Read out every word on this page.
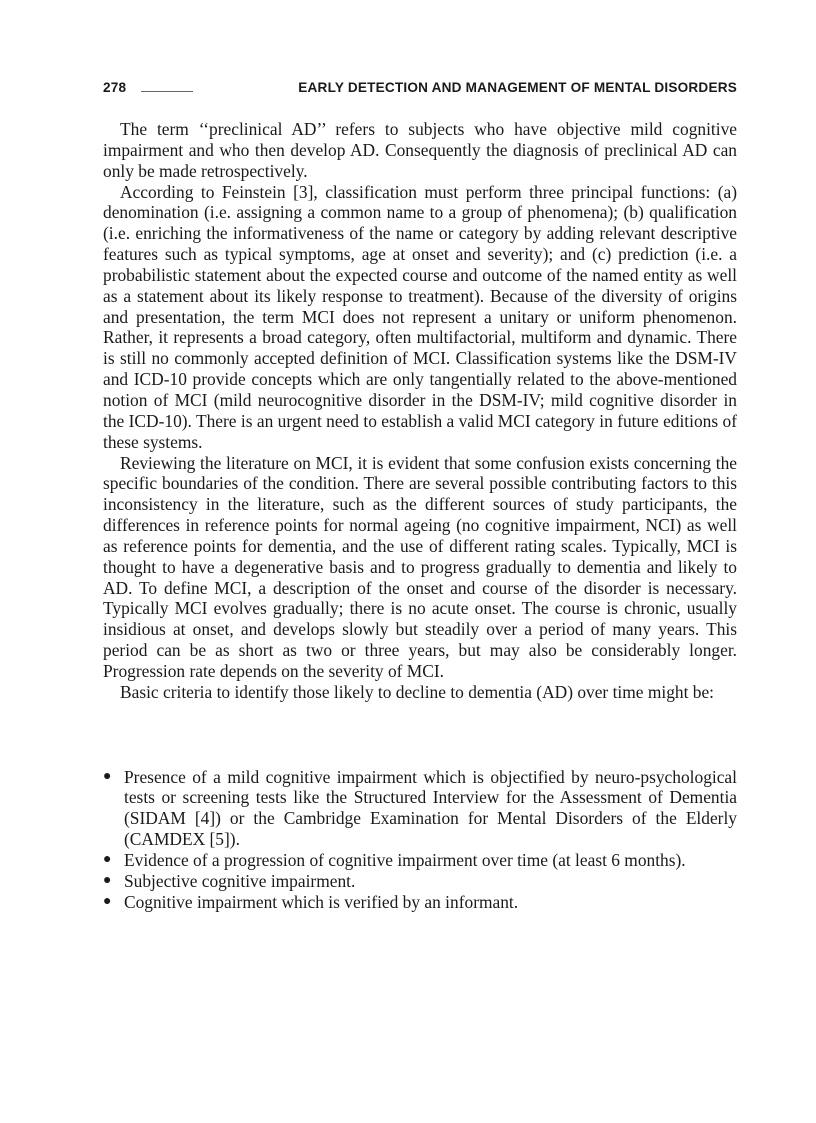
278	EARLY DETECTION AND MANAGEMENT OF MENTAL DISORDERS

The term ‘‘preclinical AD’’ refers to subjects who have objective mild cognitive impairment and who then develop AD. Consequently the diagnosis of preclinical AD can only be made retrospectively.

According to Feinstein [3], classification must perform three principal functions: (a) denomination (i.e. assigning a common name to a group of phenomena); (b) qualification (i.e. enriching the informativeness of the name or category by adding relevant descriptive features such as typical symptoms, age at onset and severity); and (c) prediction (i.e. a probabilistic statement about the expected course and outcome of the named entity as well as a statement about its likely response to treatment). Because of the diversity of origins and presentation, the term MCI does not represent a unitary or uniform phenomenon. Rather, it represents a broad category, often multifactorial, multiform and dynamic. There is still no commonly accepted definition of MCI. Classification systems like the DSM-IV and ICD-10 provide concepts which are only tangentially related to the above-mentioned notion of MCI (mild neurocognitive disorder in the DSM-IV; mild cognitive disorder in the ICD-10). There is an urgent need to establish a valid MCI category in future editions of these systems.

Reviewing the literature on MCI, it is evident that some confusion exists concerning the specific boundaries of the condition. There are several possible contributing factors to this inconsistency in the literature, such as the different sources of study participants, the differences in reference points for normal ageing (no cognitive impairment, NCI) as well as reference points for dementia, and the use of different rating scales. Typically, MCI is thought to have a degenerative basis and to progress gradually to dementia and likely to AD. To define MCI, a description of the onset and course of the disorder is necessary. Typically MCI evolves gradually; there is no acute onset. The course is chronic, usually insidious at onset, and develops slowly but steadily over a period of many years. This period can be as short as two or three years, but may also be considerably longer. Progression rate depends on the severity of MCI.

Basic criteria to identify those likely to decline to dementia (AD) over time might be:

● Presence of a mild cognitive impairment which is objectified by neuro-psychological tests or screening tests like the Structured Interview for the Assessment of Dementia (SIDAM [4]) or the Cambridge Examination for Mental Disorders of the Elderly (CAMDEX [5]).
● Evidence of a progression of cognitive impairment over time (at least 6 months).
● Subjective cognitive impairment.
● Cognitive impairment which is verified by an informant.
